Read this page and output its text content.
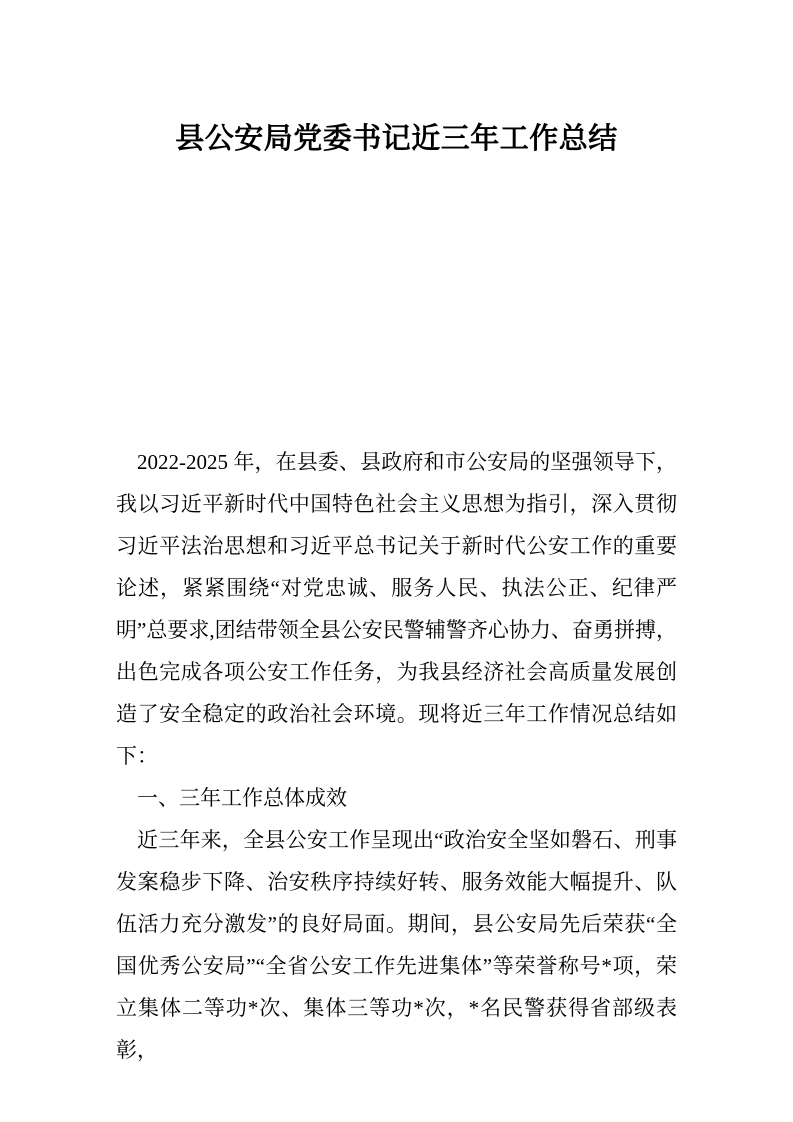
县公安局党委书记近三年工作总结

2022-2025 年，在县委、县政府和市公安局的坚强领导下，我以习近平新时代中国特色社会主义思想为指引，深入贯彻习近平法治思想和习近平总书记关于新时代公安工作的重要论述，紧紧围绕“对党忠诚、服务人民、执法公正、纪律严明”总要求,团结带领全县公安民警辅警齐心协力、奋勇拼搏，出色完成各项公安工作任务，为我县经济社会高质量发展创造了安全稳定的政治社会环境。现将近三年工作情况总结如下：

一、三年工作总体成效

近三年来，全县公安工作呈现出“政治安全坚如磐石、刑事发案稳步下降、治安秩序持续好转、服务效能大幅提升、队伍活力充分激发”的良好局面。期间，县公安局先后荣获“全国优秀公安局”“全省公安工作先进集体”等荣誉称号*项，荣立集体二等功*次、集体三等功*次，*名民警获得省部级表彰，
